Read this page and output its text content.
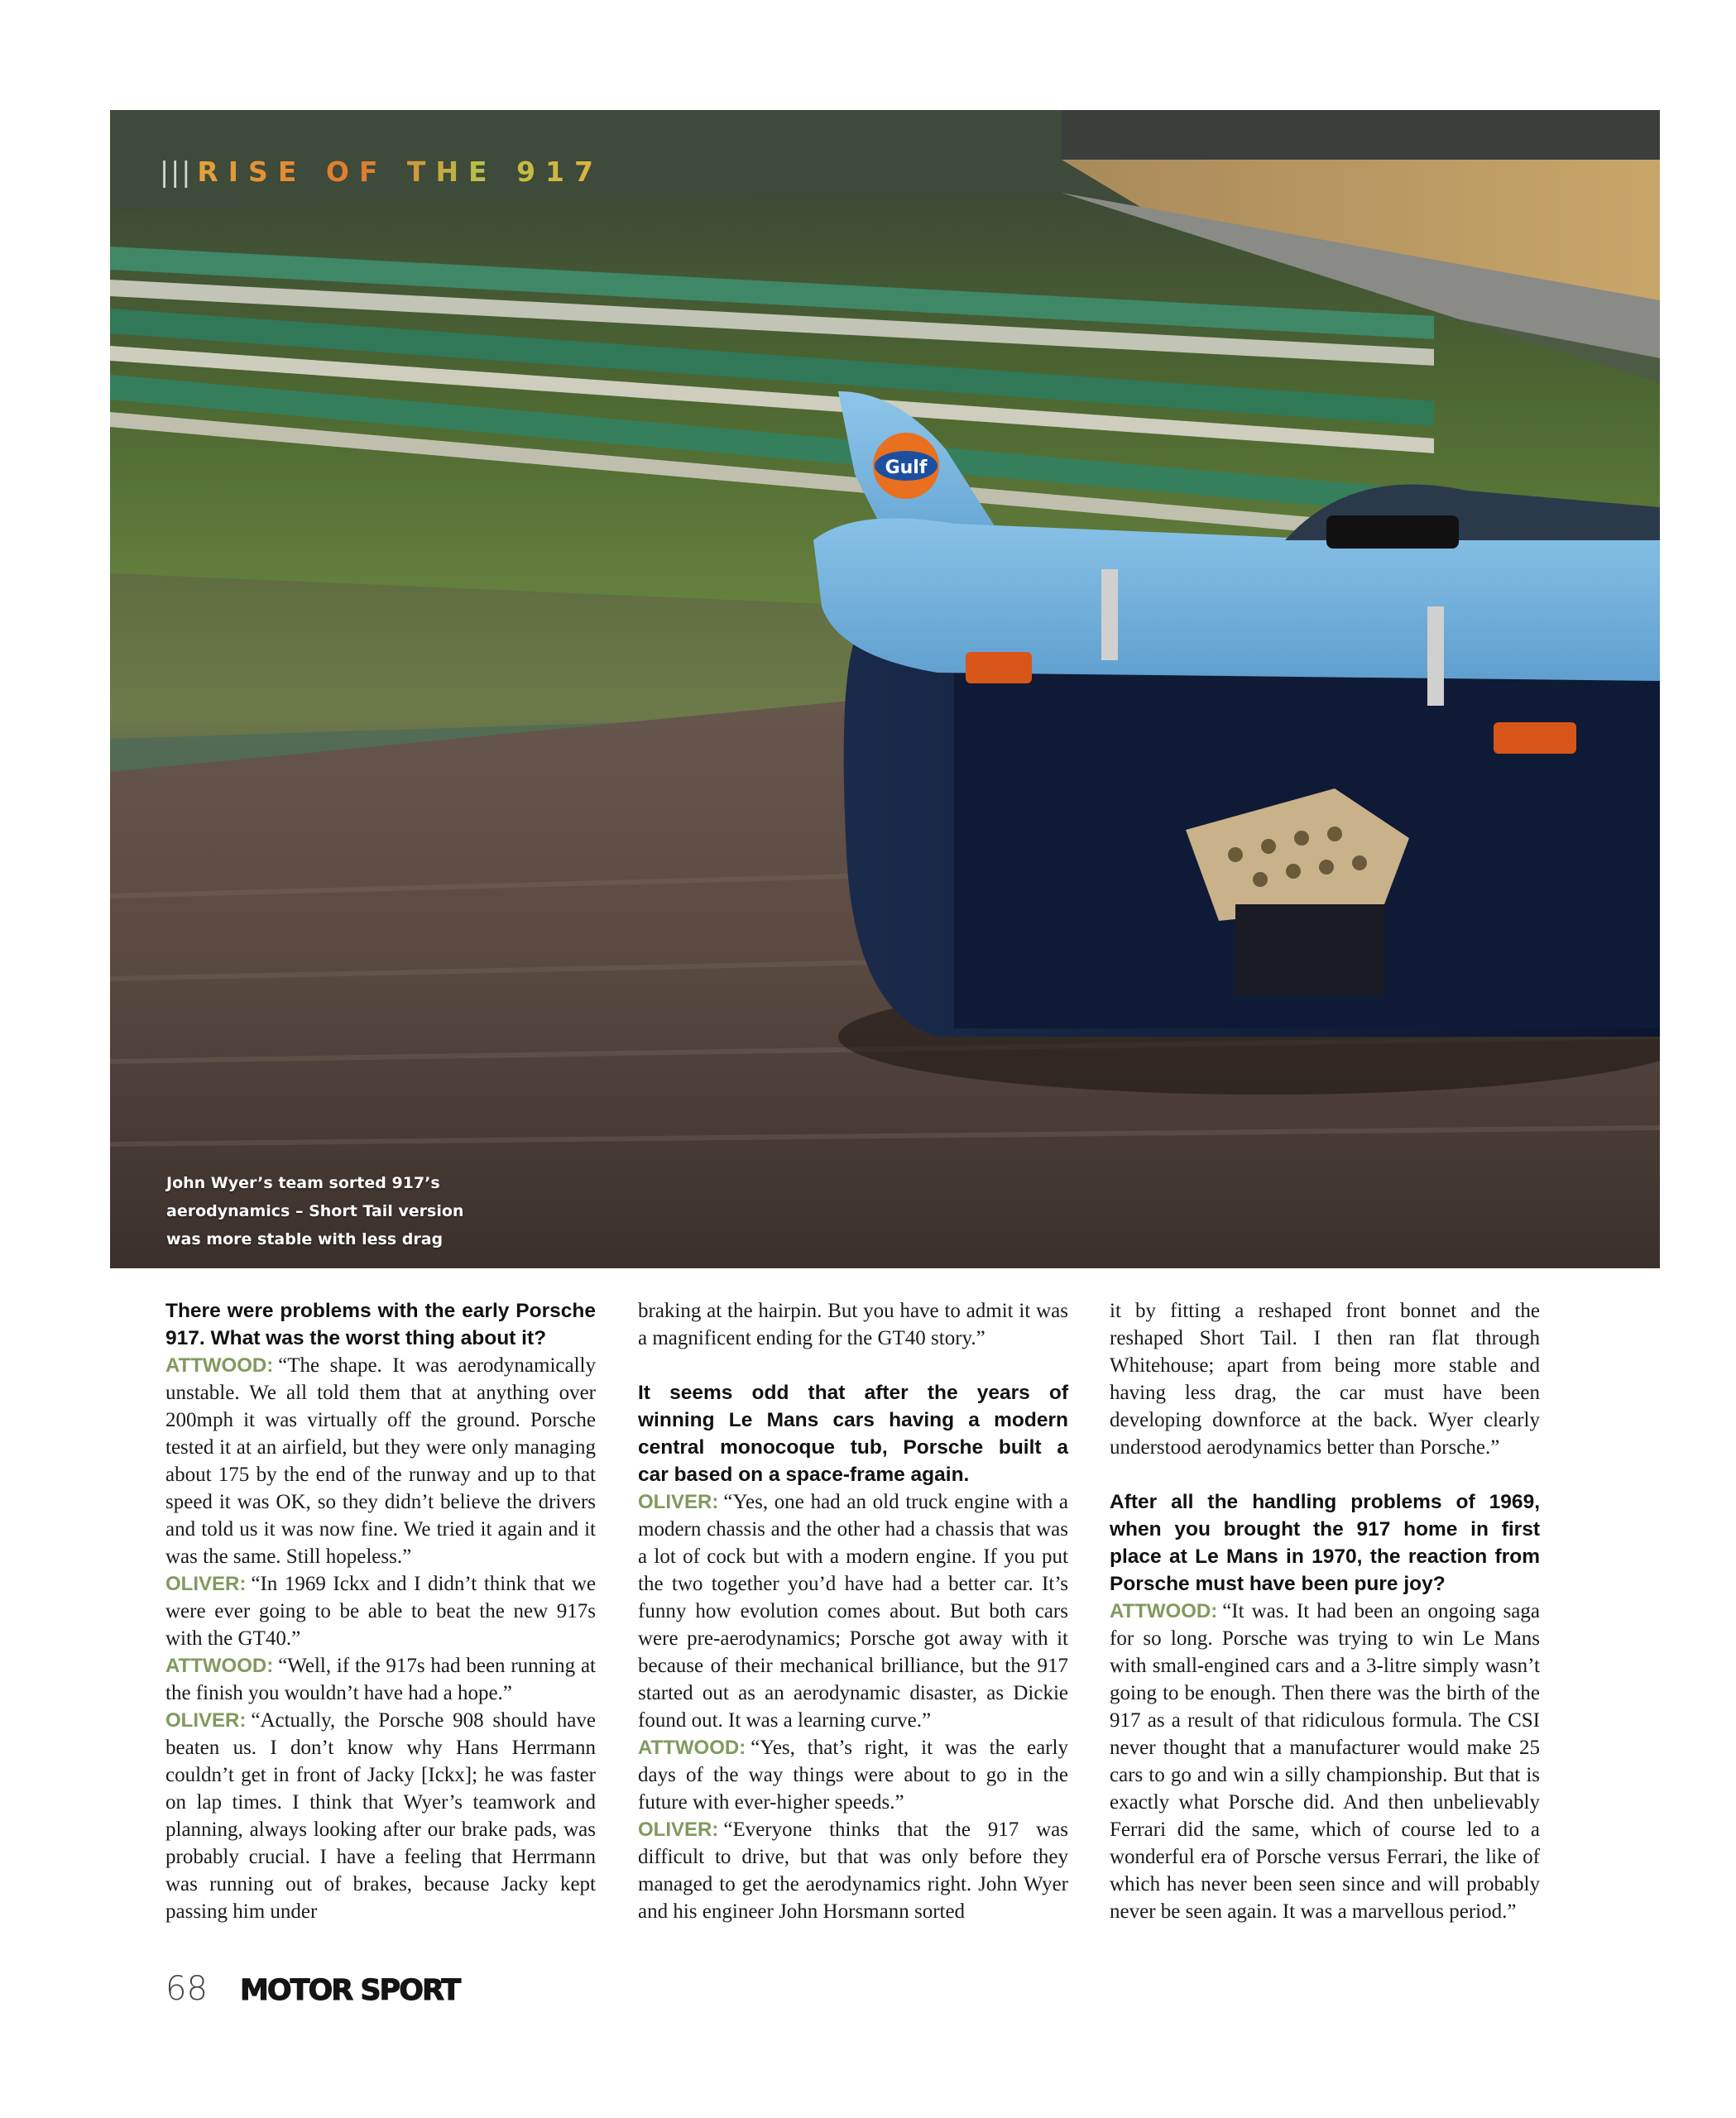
Gulf
||| RISE OF THE 917
John Wyer’s team sorted 917’s
aerodynamics – Short Tail version
was more stable with less drag
There were problems with the early Porsche
917. What was the worst thing about it?

ATTWOOD: “The shape. It was aerodynamically unstable. We all told them that at anything over 200mph it was virtually off the ground. Porsche tested it at an airfield, but they were only managing about 175 by the end of the runway and up to that speed it was OK, so they didn’t believe the drivers and told us it was now fine. We tried it again and it was the same. Still hopeless.”

OLIVER: “In 1969 Ickx and I didn’t think that we were ever going to be able to beat the new 917s with the GT40.”

ATTWOOD: “Well, if the 917s had been running at the finish you wouldn’t have had a hope.”

OLIVER: “Actually, the Porsche 908 should have beaten us. I don’t know why Hans Herrmann couldn’t get in front of Jacky [Ickx]; he was faster on lap times. I think that Wyer’s teamwork and planning, always looking after our brake pads, was probably crucial. I have a feeling that Herrmann was running out of brakes, because Jacky kept passing him under

braking at the hairpin. But you have to admit it was a magnificent ending for the GT40 story.”

It seems odd that after the years of
winning Le Mans cars having a modern
central monocoque tub, Porsche built a
car based on a space-frame again.

OLIVER: “Yes, one had an old truck engine with a modern chassis and the other had a chassis that was a lot of cock but with a modern engine. If you put the two together you’d have had a better car. It’s funny how evolution comes about. But both cars were pre-aerodynamics; Porsche got away with it because of their mechanical brilliance, but the 917 started out as an aerodynamic disaster, as Dickie found out. It was a learning curve.”

ATTWOOD: “Yes, that’s right, it was the early days of the way things were about to go in the future with ever-higher speeds.”

OLIVER: “Everyone thinks that the 917 was difficult to drive, but that was only before they managed to get the aerodynamics right. John Wyer and his engineer John Horsmann sorted

it by fitting a reshaped front bonnet and the reshaped Short Tail. I then ran flat through Whitehouse; apart from being more stable and having less drag, the car must have been developing downforce at the back. Wyer clearly understood aerodynamics better than Porsche.”

After all the handling problems of 1969,
when you brought the 917 home in first
place at Le Mans in 1970, the reaction from
Porsche must have been pure joy?

ATTWOOD: “It was. It had been an ongoing saga for so long. Porsche was trying to win Le Mans with small-engined cars and a 3-litre simply wasn’t going to be enough. Then there was the birth of the 917 as a result of that ridiculous formula. The CSI never thought that a manufacturer would make 25 cars to go and win a silly championship. But that is exactly what Porsche did. And then unbelievably Ferrari did the same, which of course led to a wonderful era of Porsche versus Ferrari, the like of which has never been seen since and will probably never be seen again. It was a marvellous period.”

68 MOTOR SPORT
